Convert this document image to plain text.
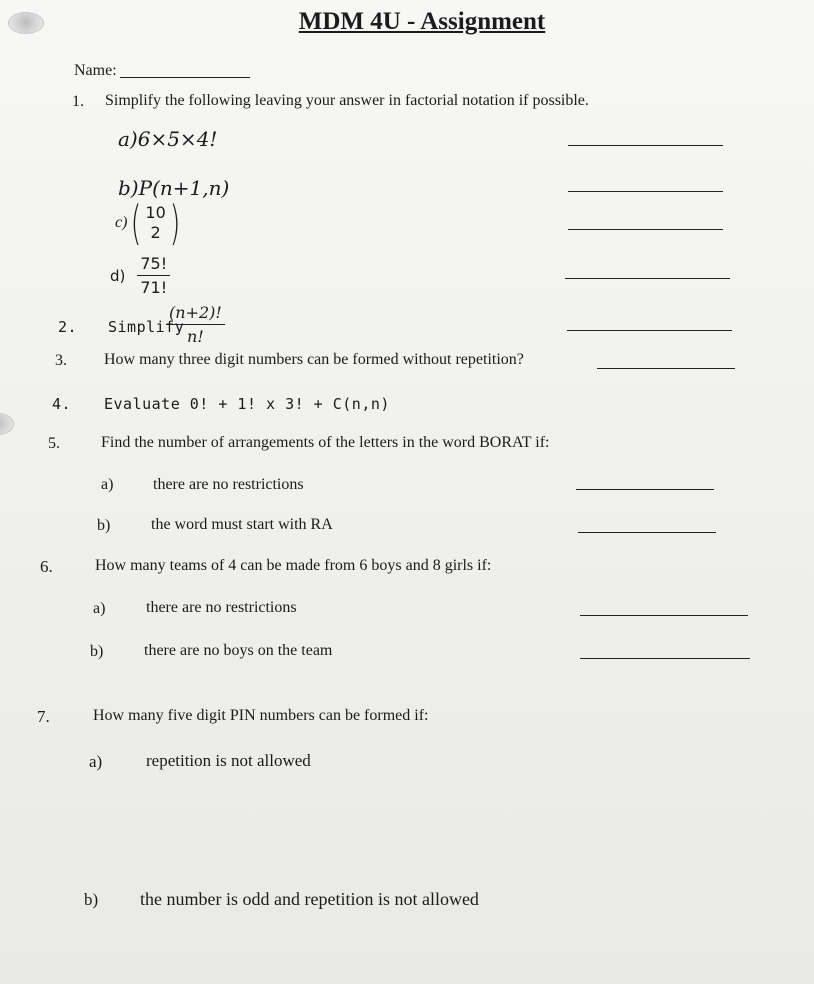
MDM 4U - Assignment
Name:
1. Simplify the following leaving your answer in factorial notation if possible.
a)6×5×4!
b)P(n+1,n)
c) ( 10
2 )
$d) \frac{75!}{71!}$
2. Simplify
$\frac{(n+2)!}{n!}$
3. How many three digit numbers can be formed without repetition?
4. Evaluate 0! + 1! x 3! + C(n,n)
5.	Find the number of arrangements of the letters in the word BORAT if:
a) there are no restrictions
b)	the word must start with RA
6.	How many teams of 4 can be made from 6 boys and 8 girls if:
a)	there are no restrictions
b)	there are no boys on the team
7.	How many five digit PIN numbers can be formed if:
a)	repetition is not allowed
b) the number is odd and repetition is not allowed
